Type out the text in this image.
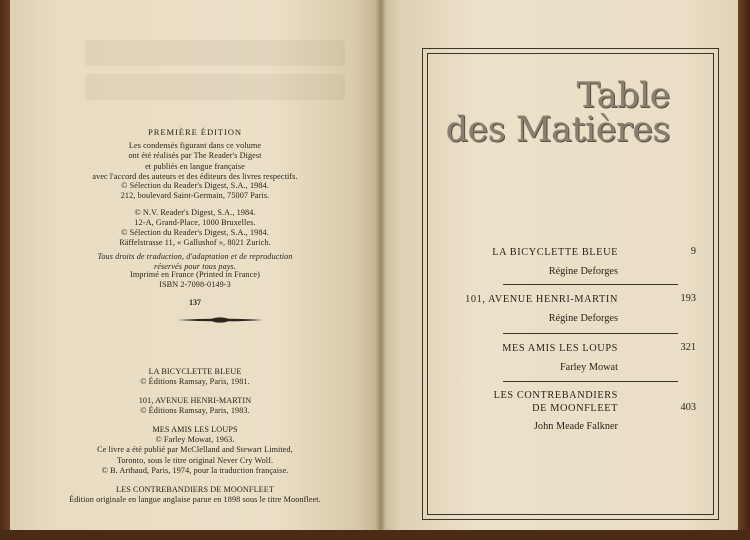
PREMIÈRE ÉDITION
Les condensés figurant dans ce volume
ont été réalisés par The Reader's Digest
et publiés en langue française
avec l'accord des auteurs et des éditeurs des livres respectifs.
© Sélection du Reader's Digest, S.A., 1984.
212, boulevard Saint-Germain, 75007 Paris.
© N.V. Reader's Digest, S.A., 1984.
12-A, Grand-Place, 1000 Bruxelles.
© Sélection du Reader's Digest, S.A., 1984.
Räffelstrasse 11, « Gallushof », 8021 Zurich.
Tous droits de traduction, d'adaptation et de reproduction
réservés pour tous pays.
Imprimé en France (Printed in France)
ISBN 2-7098-0149-3
137
LA BICYCLETTE BLEUE
© Éditions Ramsay, Paris, 1981.
101, AVENUE HENRI-MARTIN
© Éditions Ramsay, Paris, 1983.
MES AMIS LES LOUPS
© Farley Mowat, 1963.
Ce livre a été publié par McClelland and Stewart Limited,
Toronto, sous le titre original Never Cry Wolf.
© B. Arthaud, Paris, 1974, pour la traduction française.
LES CONTREBANDIERS DE MOONFLEET
Édition originale en langue anglaise parue en 1898 sous le titre Moonfleet.
Table
des Matières
LA BICYCLETTE BLEUE	9
Régine Deforges
101, AVENUE HENRI-MARTIN	193
Régine Deforges
MES AMIS LES LOUPS	321
Farley Mowat
LES CONTREBANDIERS
DE MOONFLEET	403
John Meade Falkner
